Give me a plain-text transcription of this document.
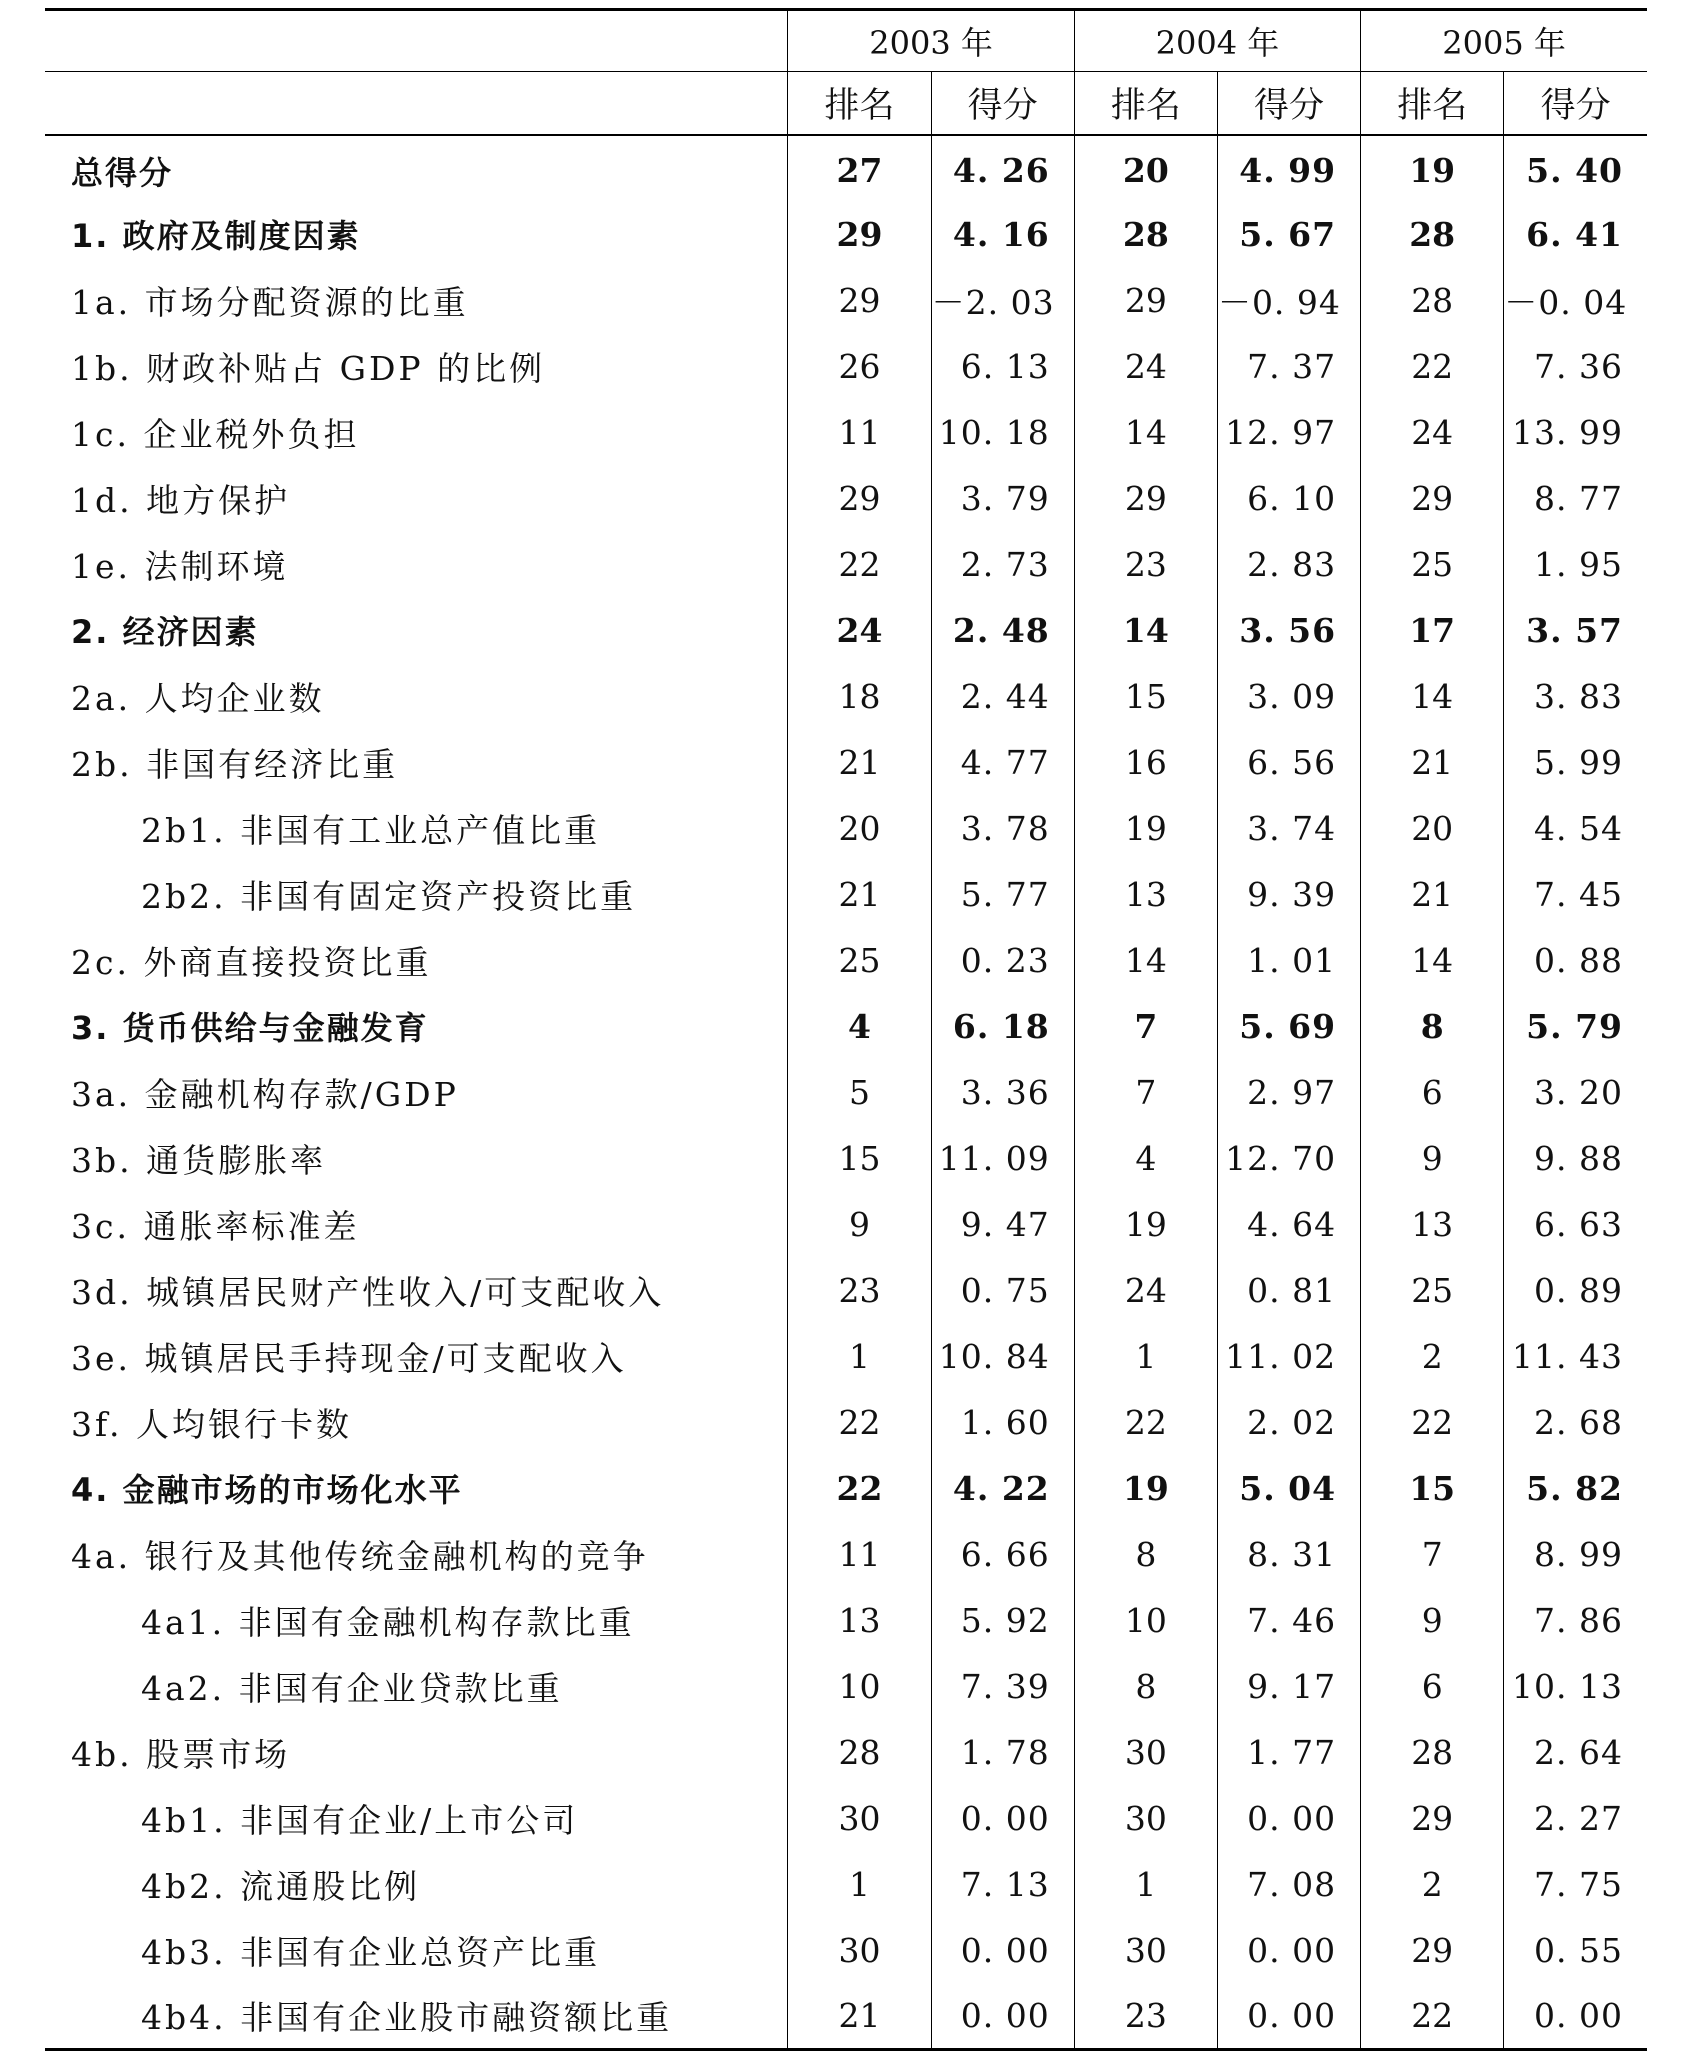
	2003 年		2004 年		2005 年	
	排名	得分	排名	得分	排名	得分
总得分	27	4. 26	20	4. 99	19	5. 40
1. 政府及制度因素	29	4. 16	28	5. 67	28	6. 41
1a. 市场分配资源的比重	29	－2. 03	29	－0. 94	28	－0. 04
1b. 财政补贴占 GDP 的比例	26	6. 13	24	7. 37	22	7. 36
1c. 企业税外负担	11	10. 18	14	12. 97	24	13. 99
1d. 地方保护	29	3. 79	29	6. 10	29	8. 77
1e. 法制环境	22	2. 73	23	2. 83	25	1. 95
2. 经济因素	24	2. 48	14	3. 56	17	3. 57
2a. 人均企业数	18	2. 44	15	3. 09	14	3. 83
2b. 非国有经济比重	21	4. 77	16	6. 56	21	5. 99
2b1. 非国有工业总产值比重	20	3. 78	19	3. 74	20	4. 54
2b2. 非国有固定资产投资比重	21	5. 77	13	9. 39	21	7. 45
2c. 外商直接投资比重	25	0. 23	14	1. 01	14	0. 88
3. 货币供给与金融发育	4	6. 18	7	5. 69	8	5. 79
3a. 金融机构存款/GDP	5	3. 36	7	2. 97	6	3. 20
3b. 通货膨胀率	15	11. 09	4	12. 70	9	9. 88
3c. 通胀率标准差	9	9. 47	19	4. 64	13	6. 63
3d. 城镇居民财产性收入/可支配收入	23	0. 75	24	0. 81	25	0. 89
3e. 城镇居民手持现金/可支配收入	1	10. 84	1	11. 02	2	11. 43
3f. 人均银行卡数	22	1. 60	22	2. 02	22	2. 68
4. 金融市场的市场化水平	22	4. 22	19	5. 04	15	5. 82
4a. 银行及其他传统金融机构的竞争	11	6. 66	8	8. 31	7	8. 99
4a1. 非国有金融机构存款比重	13	5. 92	10	7. 46	9	7. 86
4a2. 非国有企业贷款比重	10	7. 39	8	9. 17	6	10. 13
4b. 股票市场	28	1. 78	30	1. 77	28	2. 64
4b1. 非国有企业/上市公司	30	0. 00	30	0. 00	29	2. 27
4b2. 流通股比例	1	7. 13	1	7. 08	2	7. 75
4b3. 非国有企业总资产比重	30	0. 00	30	0. 00	29	0. 55
4b4. 非国有企业股市融资额比重	21	0. 00	23	0. 00	22	0. 00
